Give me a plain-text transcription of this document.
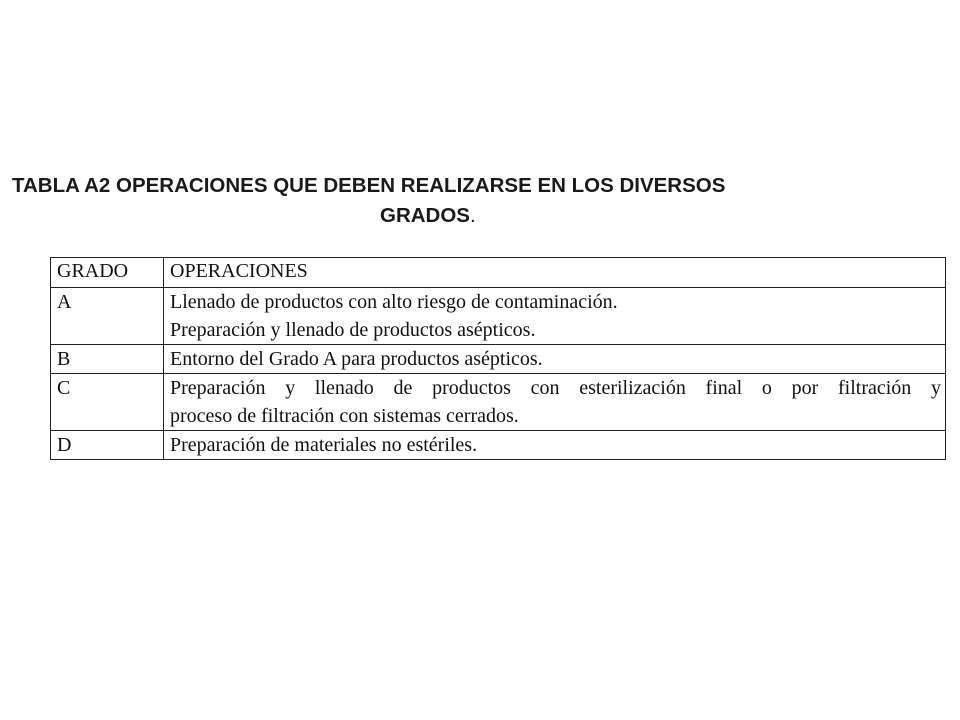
TABLA A2 OPERACIONES QUE DEBEN REALIZARSE EN LOS DIVERSOS
GRADOS.
GRADO	OPERACIONES
A	Llenado de productos con alto riesgo de contaminación.
Preparación y llenado de productos asépticos.

B	Entorno del Grado A para productos asépticos.

C	Preparación y llenado de productos con esterilización final o por filtración y
proceso de filtración con sistemas cerrados.

D	Preparación de materiales no estériles.
